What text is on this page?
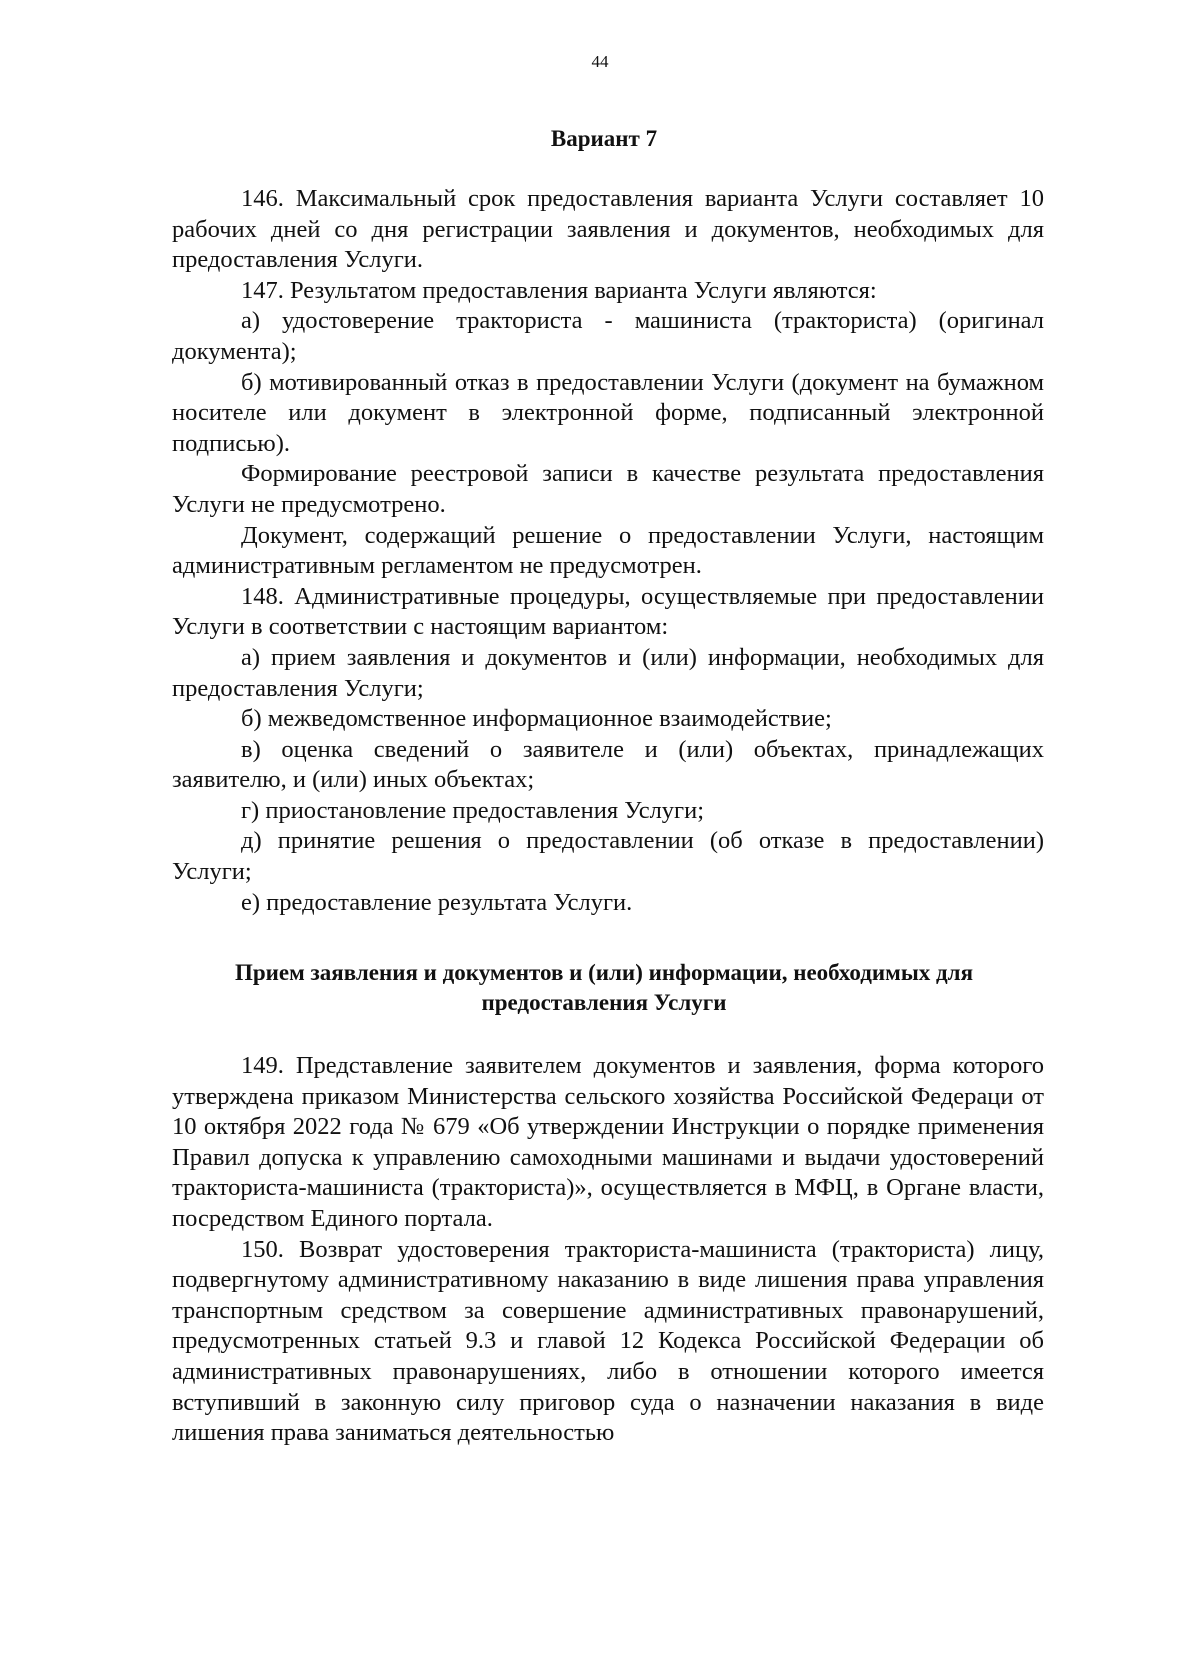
44
Вариант 7

146. Максимальный срок предоставления варианта Услуги составляет 10 рабочих дней со дня регистрации заявления и документов, необходимых для предоставления Услуги.

147. Результатом предоставления варианта Услуги являются:

а) удостоверение тракториста - машиниста (тракториста) (оригинал документа);

б) мотивированный отказ в предоставлении Услуги (документ на бумажном носителе или документ в электронной форме, подписанный электронной подписью).

Формирование реестровой записи в качестве результата предоставления Услуги не предусмотрено.

Документ, содержащий решение о предоставлении Услуги, настоящим административным регламентом не предусмотрен.

148. Административные процедуры, осуществляемые при предоставлении Услуги в соответствии с настоящим вариантом:

а) прием заявления и документов и (или) информации, необходимых для предоставления Услуги;

б) межведомственное информационное взаимодействие;

в) оценка сведений о заявителе и (или) объектах, принадлежащих заявителю, и (или) иных объектах;

г) приостановление предоставления Услуги;

д) принятие решения о предоставлении (об отказе в предоставлении) Услуги;

е) предоставление результата Услуги.

Прием заявления и документов и (или) информации, необходимых для
предоставления Услуги

149. Представление заявителем документов и заявления, форма которого утверждена приказом Министерства сельского хозяйства Российской Федераци от 10 октября 2022 года № 679 «Об утверждении Инструкции о порядке применения Правил допуска к управлению самоходными машинами и выдачи удостоверений тракториста-машиниста (тракториста)», осуществляется в МФЦ, в Органе власти, посредством Единого портала.

150. Возврат удостоверения тракториста-машиниста (тракториста) лицу, подвергнутому административному наказанию в виде лишения права управления транспортным средством за совершение административных правонарушений, предусмотренных статьей 9.3 и главой 12 Кодекса Российской Федерации об административных правонарушениях, либо в отношении которого имеется вступивший в законную силу приговор суда о назначении наказания в виде лишения права заниматься деятельностью
